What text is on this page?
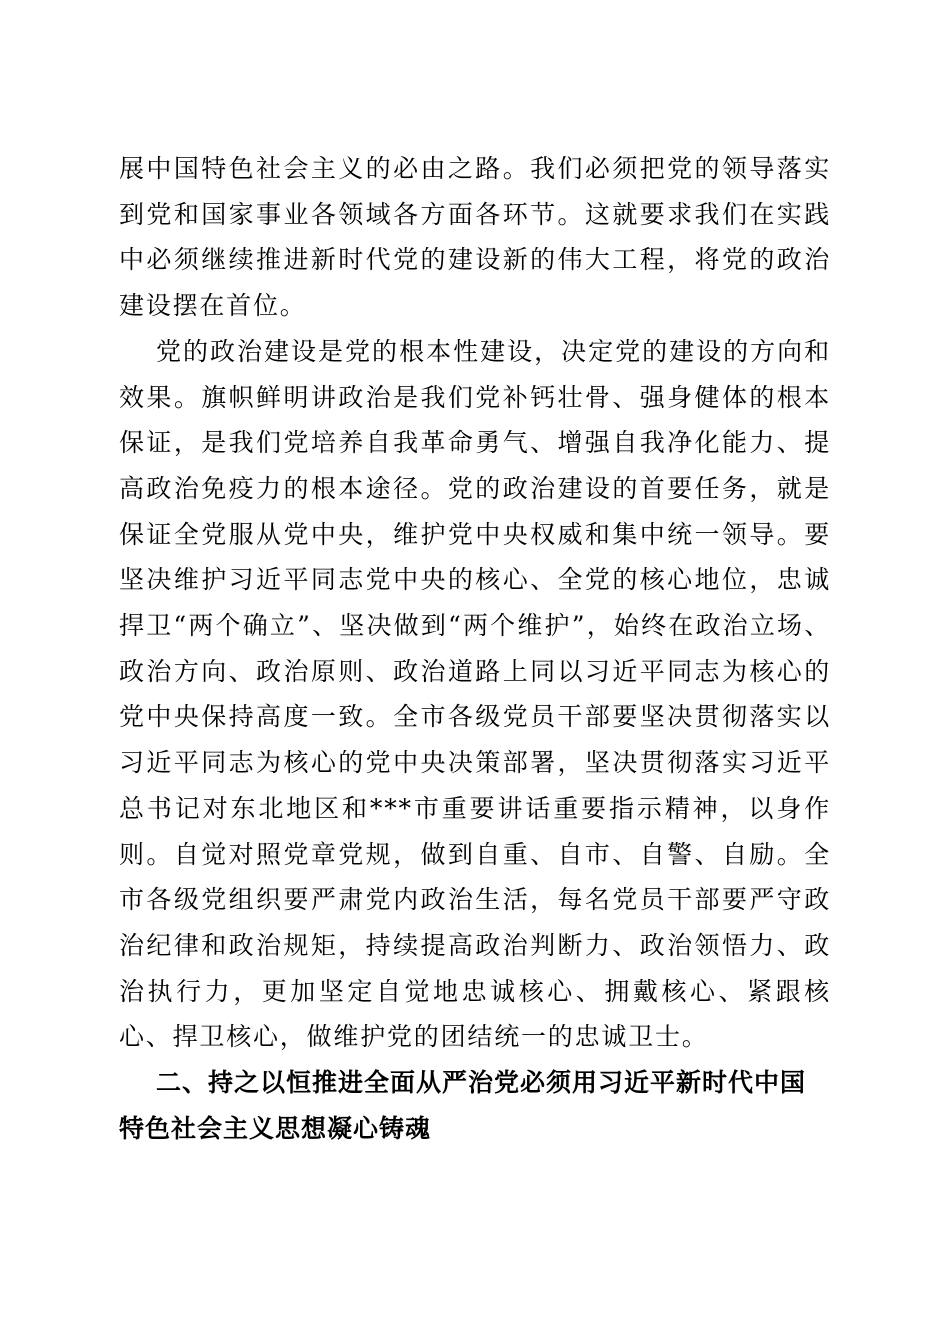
展中国特色社会主义的必由之路。我们必须把党的领导落实到党和国家事业各领域各方面各环节。这就要求我们在实践中必须继续推进新时代党的建设新的伟大工程，将党的政治建设摆在首位。

党的政治建设是党的根本性建设，决定党的建设的方向和效果。旗帜鲜明讲政治是我们党补钙壮骨、强身健体的根本保证，是我们党培养自我革命勇气、增强自我净化能力、提高政治免疫力的根本途径。党的政治建设的首要任务，就是保证全党服从党中央，维护党中央权威和集中统一领导。要坚决维护习近平同志党中央的核心、全党的核心地位，忠诚捍卫“两个确立”、坚决做到“两个维护”，始终在政治立场、政治方向、政治原则、政治道路上同以习近平同志为核心的党中央保持高度一致。全市各级党员干部要坚决贯彻落实以习近平同志为核心的党中央决策部署，坚决贯彻落实习近平总书记对东北地区和***市重要讲话重要指示精神，以身作则。自觉对照党章党规，做到自重、自市、自警、自励。全市各级党组织要严肃党内政治生活，每名党员干部要严守政治纪律和政治规矩，持续提高政治判断力、政治领悟力、政治执行力，更加坚定自觉地忠诚核心、拥戴核心、紧跟核心、捍卫核心，做维护党的团结统一的忠诚卫士。

二、持之以恒推进全面从严治党必须用习近平新时代中国特色社会主义思想凝心铸魂
